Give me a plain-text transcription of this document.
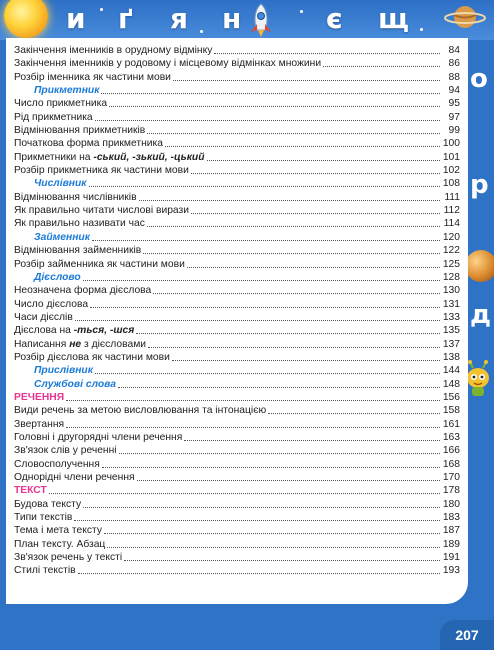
и ґ я н	є щ
о
р
д
Закінчення іменників в орудному відмінку	84
Закінчення іменників у родовому і місцевому відмінках множини	86
Розбір іменника як частини мови	88
Прикметник	94
Число прикметника	95
Рід прикметника	97
Відмінювання прикметників	99
Початкова форма прикметника	100
Прикметники на -ський, -зький, -цький	101
Розбір прикметника як частини мови	102
Числівник	108
Відмінювання числівників	111
Як правильно читати числові вирази	112
Як правильно називати час	114
Займенник	120
Відмінювання займенників	122
Розбір займенника як частини мови	125
Дієслово	128
Неозначена форма дієслова	130
Число дієслова	131
Часи дієслів	133
Дієслова на -ться, -шся	135
Написання не з дієсловами	137
Розбір дієслова як частини мови	138
Прислівник	144
Службові слова	148
РЕЧЕННЯ	156
Види речень за метою висловлювання та інтонацією	158
Звертання	161
Головні і другорядні члени речення	163
Зв'язок слів у реченні	166
Словосполучення	168
Однорідні члени речення	170
ТЕКСТ	178
Будова тексту	180
Типи текстів	183
Тема і мета тексту	187
План тексту. Абзац	189
Зв'язок речень у тексті	191
Стилі текстів	193
207
